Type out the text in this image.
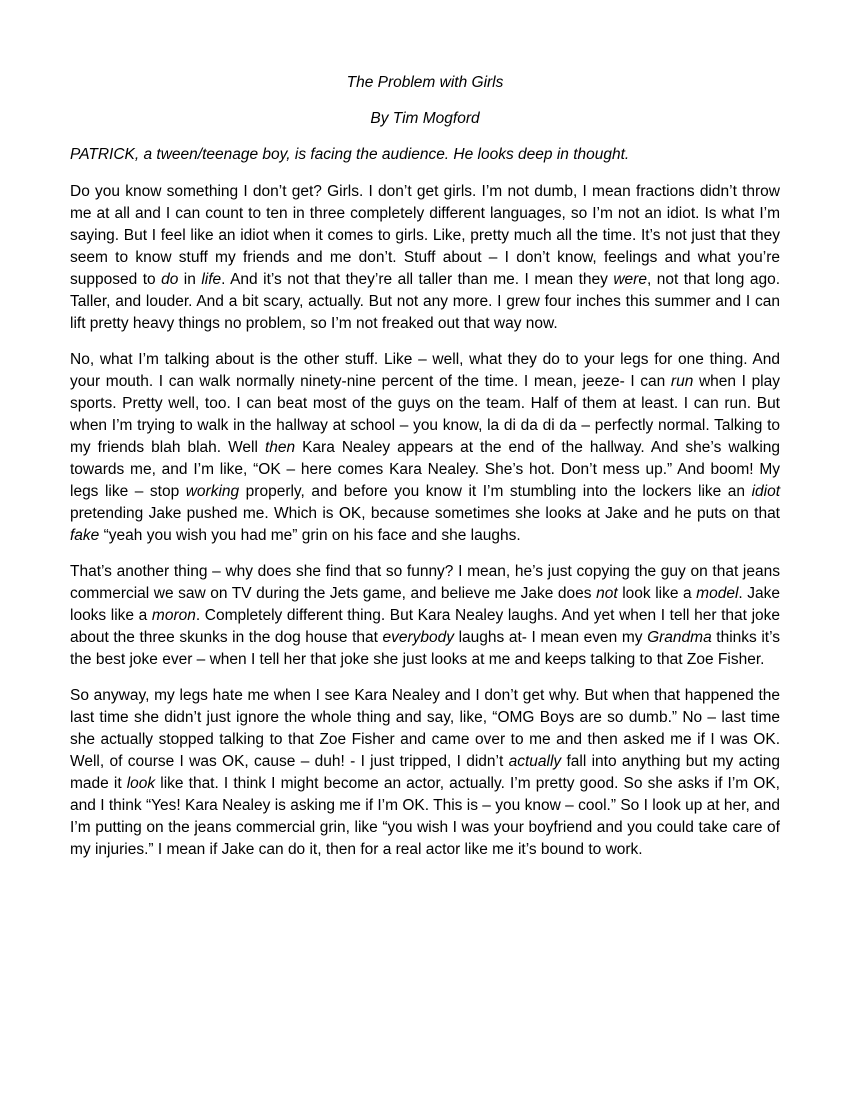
The Problem with Girls

By Tim Mogford

PATRICK, a tween/teenage boy, is facing the audience. He looks deep in thought.

Do you know something I don’t get? Girls. I don’t get girls. I’m not dumb, I mean fractions didn’t throw me at all and I can count to ten in three completely different languages, so I’m not an idiot. Is what I’m saying. But I feel like an idiot when it comes to girls. Like, pretty much all the time. It’s not just that they seem to know stuff my friends and me don’t. Stuff about – I don’t know, feelings and what you’re supposed to do in life. And it’s not that they’re all taller than me. I mean they were, not that long ago. Taller, and louder. And a bit scary, actually. But not any more. I grew four inches this summer and I can lift pretty heavy things no problem, so I’m not freaked out that way now.

No, what I’m talking about is the other stuff. Like – well, what they do to your legs for one thing. And your mouth. I can walk normally ninety-nine percent of the time. I mean, jeeze- I can run when I play sports. Pretty well, too. I can beat most of the guys on the team. Half of them at least. I can run. But when I’m trying to walk in the hallway at school – you know, la di da di da – perfectly normal. Talking to my friends blah blah. Well then Kara Nealey appears at the end of the hallway. And she’s walking towards me, and I’m like, “OK – here comes Kara Nealey. She’s hot. Don’t mess up.” And boom! My legs like – stop working properly, and before you know it I’m stumbling into the lockers like an idiot pretending Jake pushed me. Which is OK, because sometimes she looks at Jake and he puts on that fake “yeah you wish you had me” grin on his face and she laughs.

That’s another thing – why does she find that so funny? I mean, he’s just copying the guy on that jeans commercial we saw on TV during the Jets game, and believe me Jake does not look like a model. Jake looks like a moron. Completely different thing. But Kara Nealey laughs. And yet when I tell her that joke about the three skunks in the dog house that everybody laughs at- I mean even my Grandma thinks it’s the best joke ever – when I tell her that joke she just looks at me and keeps talking to that Zoe Fisher.

So anyway, my legs hate me when I see Kara Nealey and I don’t get why. But when that happened the last time she didn’t just ignore the whole thing and say, like, “OMG Boys are so dumb.” No – last time she actually stopped talking to that Zoe Fisher and came over to me and then asked me if I was OK. Well, of course I was OK, cause – duh! - I just tripped, I didn’t actually fall into anything but my acting made it look like that. I think I might become an actor, actually. I’m pretty good. So she asks if I’m OK, and I think “Yes! Kara Nealey is asking me if I’m OK. This is – you know – cool.” So I look up at her, and I’m putting on the jeans commercial grin, like “you wish I was your boyfriend and you could take care of my injuries.” I mean if Jake can do it, then for a real actor like me it’s bound to work.
